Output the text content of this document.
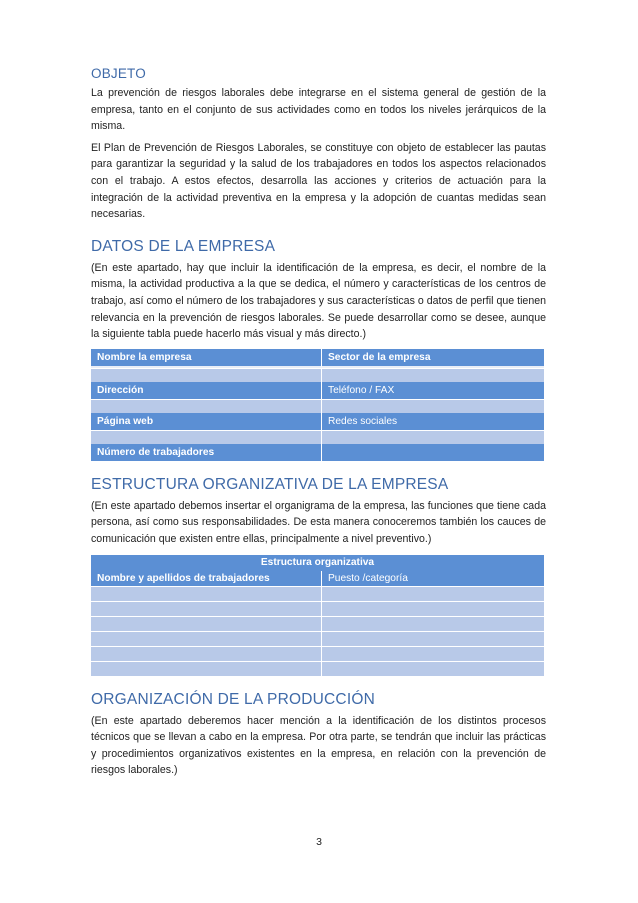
OBJETO

La prevención de riesgos laborales debe integrarse en el sistema general de gestión de la empresa, tanto en el conjunto de sus actividades como en todos los niveles jerárquicos de la misma.

El Plan de Prevención de Riesgos Laborales, se constituye con objeto de establecer las pautas para garantizar la seguridad y la salud de los trabajadores en todos los aspectos relacionados con el trabajo. A estos efectos, desarrolla las acciones y criterios de actuación para la integración de la actividad preventiva en la empresa y la adopción de cuantas medidas sean necesarias.

DATOS DE LA EMPRESA

(En este apartado, hay que incluir la identificación de la empresa, es decir, el nombre de la misma, la actividad productiva a la que se dedica, el número y características de los centros de trabajo, así como el número de los trabajadores y sus características o datos de perfil que tienen relevancia en la prevención de riesgos laborales. Se puede desarrollar como se desee, aunque la siguiente tabla puede hacerlo más visual y más directo.)

Nombre la empresa	Sector de la empresa

Dirección	Teléfono / FAX

Página web	Redes sociales

Número de trabajadores	
ESTRUCTURA ORGANIZATIVA DE LA EMPRESA

(En este apartado debemos insertar el organigrama de la empresa, las funciones que tiene cada persona, así como sus responsabilidades. De esta manera conoceremos también los cauces de comunicación que existen entre ellas, principalmente a nivel preventivo.)

Estructura organizativa	
Nombre y apellidos de trabajadores	Puesto /categoría

ORGANIZACIÓN DE LA PRODUCCIÓN

(En este apartado deberemos hacer mención a la identificación de los distintos procesos técnicos que se llevan a cabo en la empresa. Por otra parte, se tendrán que incluir las prácticas y procedimientos organizativos existentes en la empresa, en relación con la prevención de riesgos laborales.)

3
